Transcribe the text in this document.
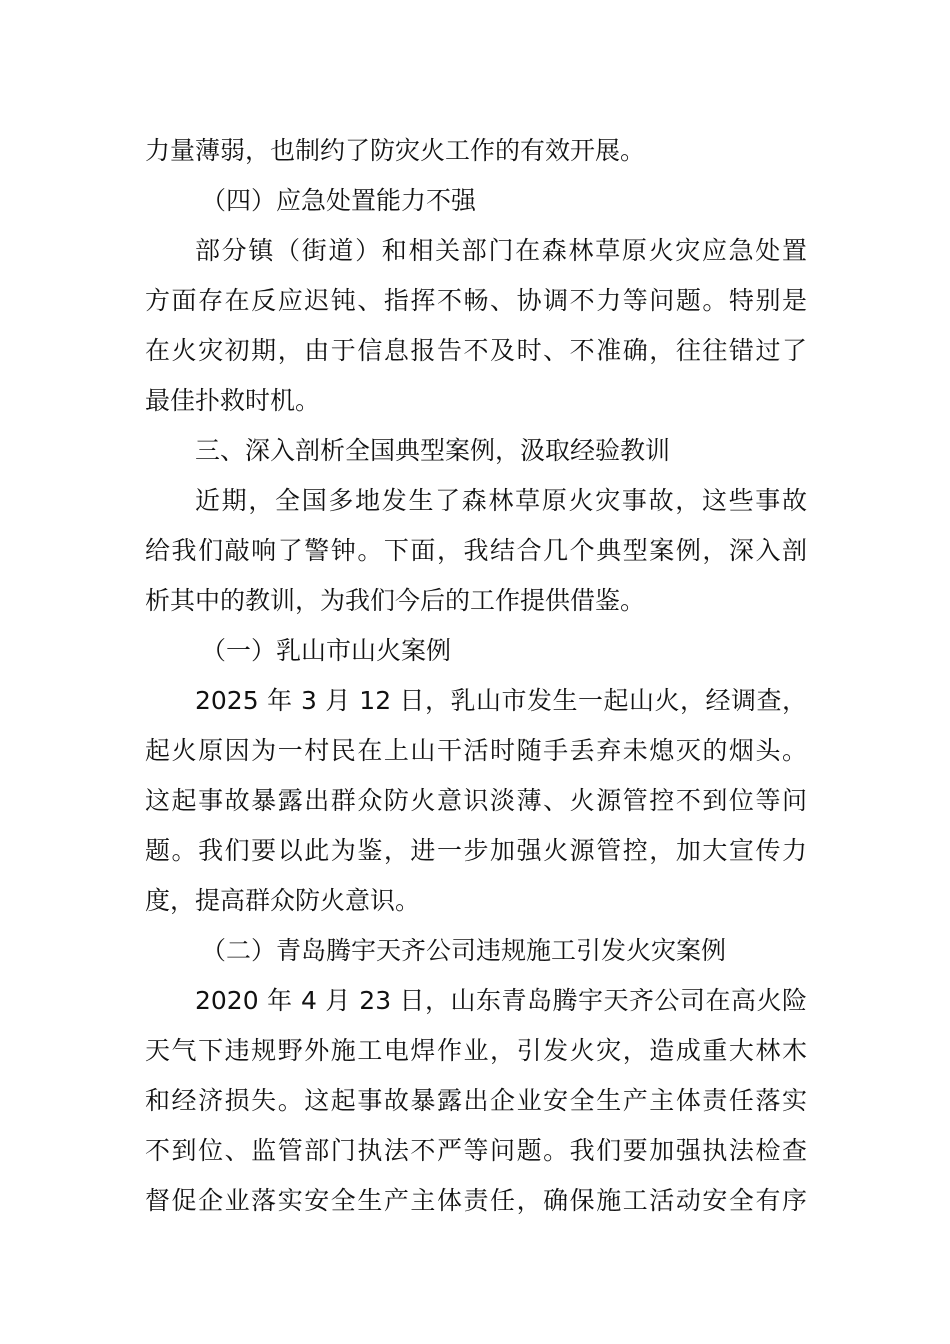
力量薄弱，也制约了防灾火工作的有效开展。
（四）应急处置能力不强
部分镇（街道）和相关部门在森林草原火灾应急处置
方面存在反应迟钝、指挥不畅、协调不力等问题。特别是
在火灾初期，由于信息报告不及时、不准确，往往错过了
最佳扑救时机。
三、深入剖析全国典型案例，汲取经验教训
近期，全国多地发生了森林草原火灾事故，这些事故
给我们敲响了警钟。下面，我结合几个典型案例，深入剖
析其中的教训，为我们今后的工作提供借鉴。
（一）乳山市山火案例
2025 年 3 月 12 日，乳山市发生一起山火，经调查，
起火原因为一村民在上山干活时随手丢弃未熄灭的烟头。
这起事故暴露出群众防火意识淡薄、火源管控不到位等问
题。我们要以此为鉴，进一步加强火源管控，加大宣传力
度，提高群众防火意识。
（二）青岛腾宇天齐公司违规施工引发火灾案例
2020 年 4 月 23 日，山东青岛腾宇天齐公司在高火险
天气下违规野外施工电焊作业，引发火灾，造成重大林木
和经济损失。这起事故暴露出企业安全生产主体责任落实
不到位、监管部门执法不严等问题。我们要加强执法检查
督促企业落实安全生产主体责任，确保施工活动安全有序
